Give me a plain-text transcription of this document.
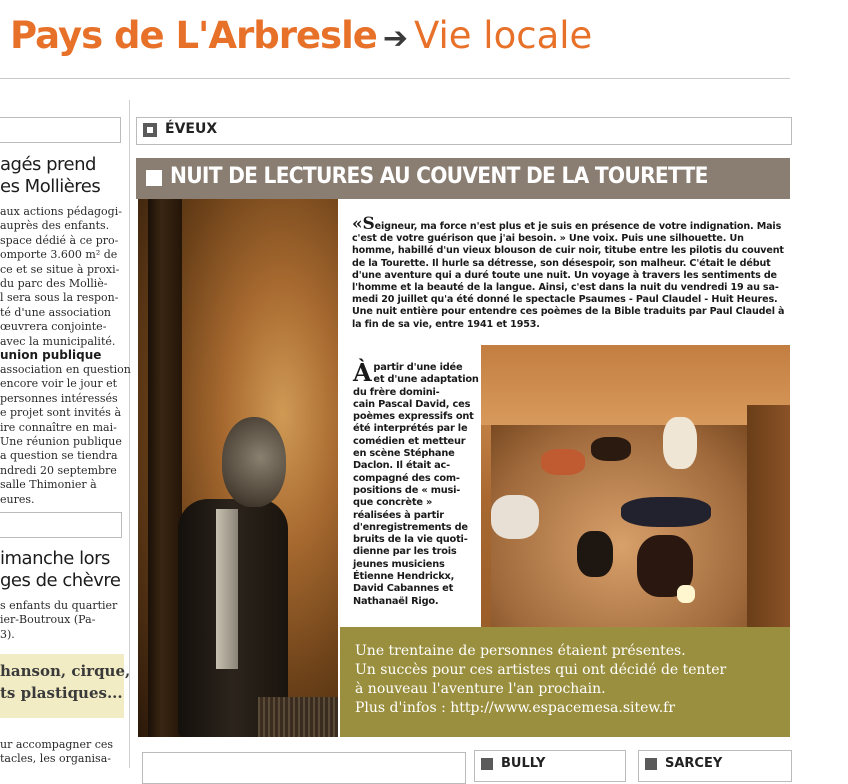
Pays de L'Arbresle ➔ Vie locale
agés prend
es Mollières
aux actions pédagogi-
auprès des enfants.
space dédié à ce pro-
omporte 3.600 m² de
ce et se situe à proxi-
du parc des Molliè-
l sera sous la respon-
té d'une association
œuvrera conjointe-
avec la municipalité.
union publique
association en question
encore voir le jour et
personnes intéressés
e projet sont invités à
ire connaître en mai-
Une réunion publique
a question se tiendra
ndredi 20 septembre
salle Thimonier à
eures.
imanche lors
ges de chèvre
s enfants du quartier
ier-Boutroux (Pa-
3).
hanson, cirque,
ts plastiques...
ur accompagner ces
tacles, les organisa-
ÉVEUX
NUIT DE LECTURES AU COUVENT DE LA TOURETTE
«Seigneur, ma force n'est plus et je suis en présence de votre indignation. Mais
c'est de votre guérison que j'ai besoin. » Une voix. Puis une silhouette. Un
homme, habillé d'un vieux blouson de cuir noir, titube entre les pilotis du couvent
de la Tourette. Il hurle sa détresse, son désespoir, son malheur. C'était le début
d'une aventure qui a duré toute une nuit. Un voyage à travers les sentiments de
l'homme et la beauté de la langue. Ainsi, c'est dans la nuit du vendredi 19 au sa-
medi 20 juillet qu'a été donné le spectacle Psaumes - Paul Claudel - Huit Heures.
Une nuit entière pour entendre ces poèmes de la Bible traduits par Paul Claudel à
la fin de sa vie, entre 1941 et 1953.
À partir d'une idée
et d'une adaptation
du frère domini-
cain Pascal David, ces
poèmes expressifs ont
été interprétés par le
comédien et metteur
en scène Stéphane
Daclon. Il était ac-
compagné des com-
positions de « musi-
que concrète »
réalisées à partir
d'enregistrements de
bruits de la vie quoti-
dienne par les trois
jeunes musiciens
Étienne Hendrickx,
David Cabannes et
Nathanaël Rigo.
Une trentaine de personnes étaient présentes.
Un succès pour ces artistes qui ont décidé de tenter
à nouveau l'aventure l'an prochain.
Plus d'infos : http://www.espacemesa.sitew.fr
BULLY	SARCEY
